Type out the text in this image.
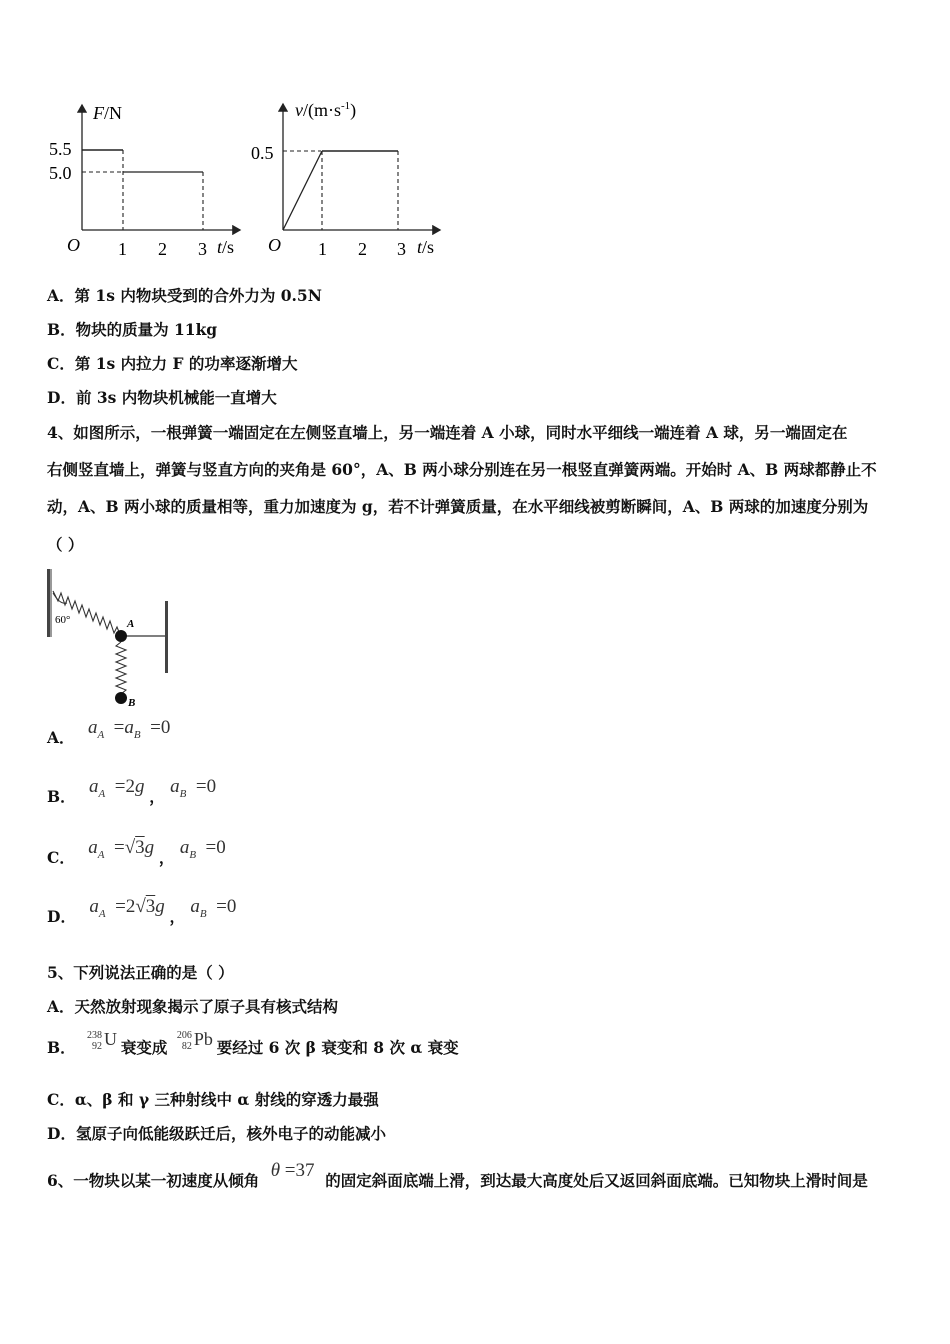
F/N
5.5
5.0
O 1 2 3 t/s
$v/(m\cdot s^{-1})$
0.5
O 1 2 3 t/s
A．第 1s 内物块受到的合外力为 0.5N
B．物块的质量为 11kg
C．第 1s 内拉力 F 的功率逐渐增大
D．前 3s 内物块机械能一直增大
4、如图所示，一根弹簧一端固定在左侧竖直墙上，另一端连着 A 小球，同时水平细线一端连着 A 球，另一端固定在
右侧竖直墙上，弹簧与竖直方向的夹角是 60°，A、B 两小球分别连在另一根竖直弹簧两端。开始时 A、B 两球都静止不
动，A、B 两小球的质量相等，重力加速度为 g，若不计弹簧质量，在水平细线被剪断瞬间，A、B 两球的加速度分别为
（ ）
60°	A
B
A． $a_A =a_B =0$
B． $a_A =2g$ ， $a_B =0$
C． $a_A =√3g$ ， $a_B =0$
D． $a_A =2√3g$ ， $a_B =0$
5、下列说法正确的是（ ）
A．天然放射现象揭示了原子具有核式结构
B．
238
92 U 衰变成
206
82 Pb 要经过 6 次 β 衰变和 8 次 α 衰变
C．α、β 和 γ 三种射线中 α 射线的穿透力最强
D．氢原子向低能级跃迁后，核外电子的动能减小
6、一物块以某一初速度从倾角 θ =37 的固定斜面底端上滑，到达最大高度处后又返回斜面底端。已知物块上滑时间是
